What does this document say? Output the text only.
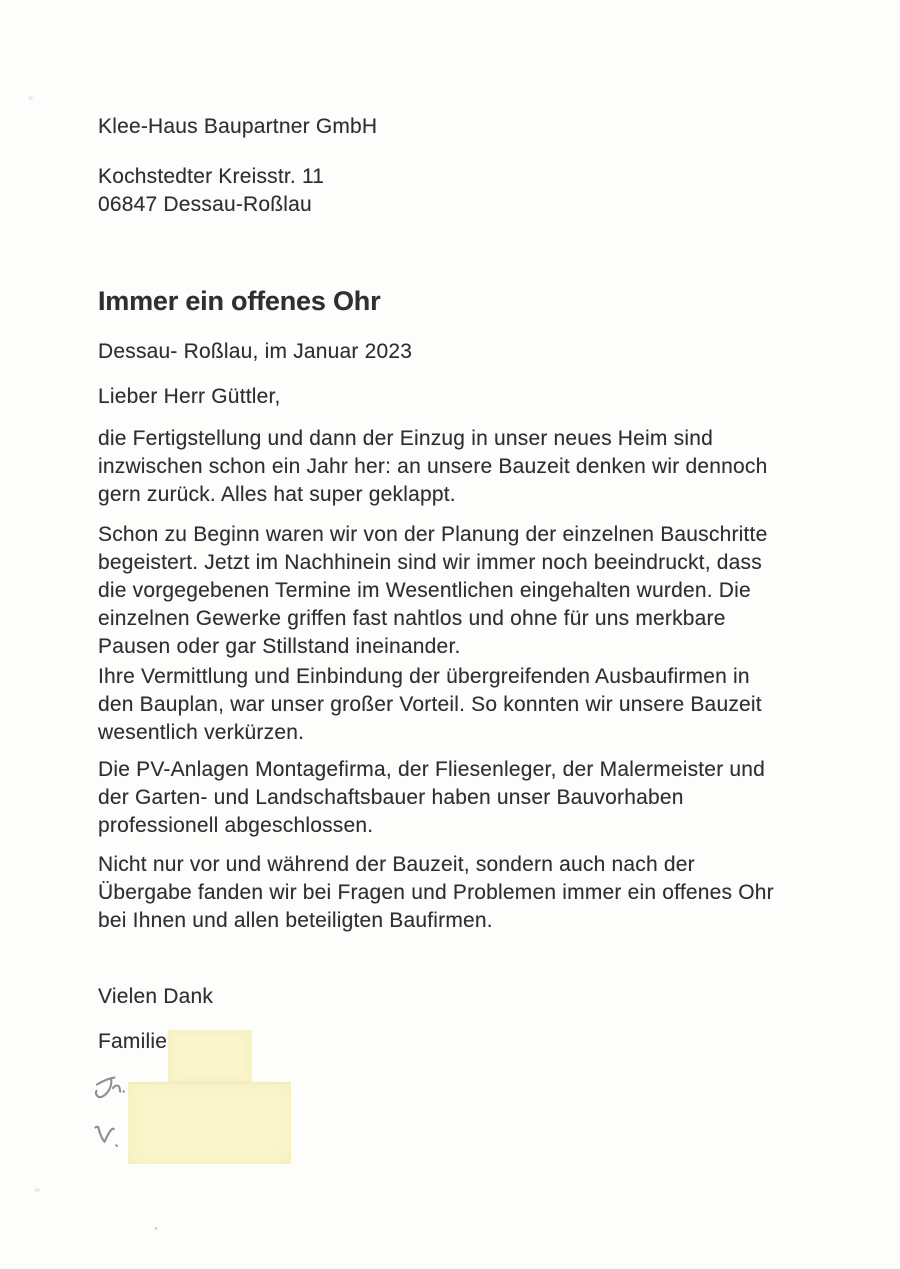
Klee-Haus Baupartner GmbH
Kochstedter Kreisstr. 11
06847 Dessau-Roßlau
Immer ein offenes Ohr
Dessau- Roßlau, im Januar 2023
Lieber Herr Güttler,
die Fertigstellung und dann der Einzug in unser neues Heim sind
inzwischen schon ein Jahr her: an unsere Bauzeit denken wir dennoch
gern zurück. Alles hat super geklappt.
Schon zu Beginn waren wir von der Planung der einzelnen Bauschritte
begeistert. Jetzt im Nachhinein sind wir immer noch beeindruckt, dass
die vorgegebenen Termine im Wesentlichen eingehalten wurden. Die
einzelnen Gewerke griffen fast nahtlos und ohne für uns merkbare
Pausen oder gar Stillstand ineinander.
Ihre Vermittlung und Einbindung der übergreifenden Ausbaufirmen in
den Bauplan, war unser großer Vorteil. So konnten wir unsere Bauzeit
wesentlich verkürzen.
Die PV-Anlagen Montagefirma, der Fliesenleger, der Malermeister und
der Garten- und Landschaftsbauer haben unser Bauvorhaben
professionell abgeschlossen.
Nicht nur vor und während der Bauzeit, sondern auch nach der
Übergabe fanden wir bei Fragen und Problemen immer ein offenes Ohr
bei Ihnen und allen beteiligten Baufirmen.
Vielen Dank
Familie
